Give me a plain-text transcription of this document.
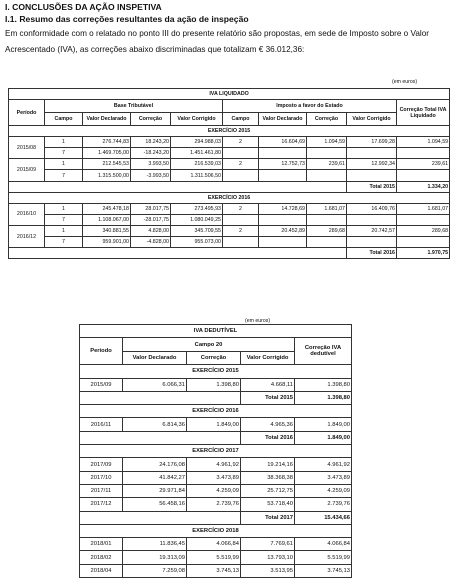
I. CONCLUSÕES DA AÇÃO INSPETIVA
I.1. Resumo das correções resultantes da ação de inspeção
Em conformidade com o relatado no ponto III do presente relatório são propostas, em sede de Imposto sobre o Valor Acrescentado (IVA), as correções abaixo discriminadas que totalizam € 36.012,36:
(em euros)
IVA LIQUIDADO									
Período	Base Tributável				Imposto a favor do Estado				Correção Total IVA Liquidado
	Campo	Valor Declarado	Correção	Valor Corrigido	Campo	Valor Declarado	Correção	Valor Corrigido	
EXERCÍCIO 2015									
2015/08	1	276.744,83	18.243,20	294.988,03	2	16.604,69	1.094,59	17.699,28	1.094,59
	7	1.469.705,00	-18.243,20	1.451.461,80					
2015/09	1	212.545,53	3.993,50	216.539,03	2	12.752,73	239,61	12.992,34	239,61
	7	1.315.500,00	-3.993,50	1.311.506,50					
								Total 2015	1.334,20
EXERCÍCIO 2016									
2016/10	1	245.478,18	28.017,75	273.495,93	2	14.728,69	1.681,07	16.409,76	1.681,07
	7	1.108.067,00	-28.017,75	1.080.049,25					
2016/12	1	340.881,55	4.828,00	345.709,55	2	20.452,89	289,68	20.742,57	289,68
	7	959.901,00	-4.828,00	955.073,00					
								Total 2016	1.970,75
(em euros)
IVA DEDUTÍVEL				
Período	Campo 20			Correção IVA dedutível
	Valor Declarado	Correção	Valor Corrigido	
EXERCÍCIO 2015				
2015/09	6.066,31	1.398,80	4.668,11	1.398,80
			Total 2015	1.398,80
EXERCÍCIO 2016				
2016/11	6.814,36	1.849,00	4.965,36	1.849,00
			Total 2016	1.849,00
EXERCÍCIO 2017				
2017/09	24.176,08	4.961,92	19.214,16	4.961,92
2017/10	41.842,27	3.473,89	38.368,38	3.473,89
2017/11	29.971,84	4.259,09	25.712,75	4.259,09
2017/12	56.458,16	2.739,76	53.718,40	2.739,76
			Total 2017	15.434,66
EXERCÍCIO 2018				
2018/01	11.836,45	4.066,84	7.769,61	4.066,84
2018/02	19.313,09	5.519,99	13.793,10	5.519,99
2018/04	7.259,08	3.745,13	3.513,95	3.745,13
